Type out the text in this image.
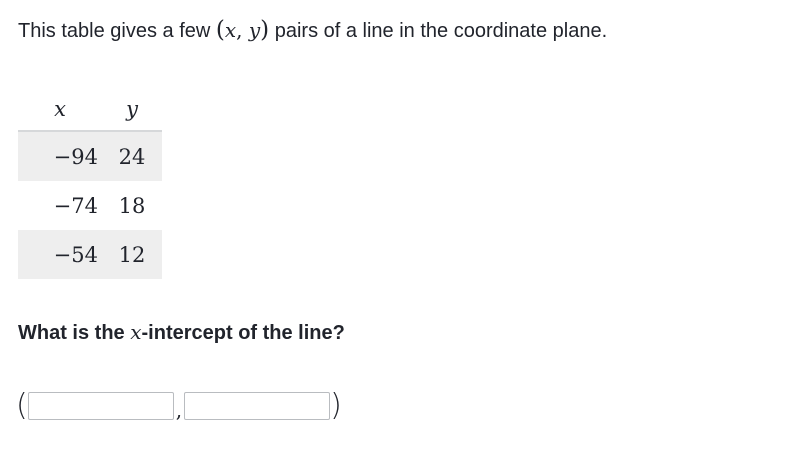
This table gives a few (x, y) pairs of a line in the coordinate plane.
x	y
−94	24
−74	18
−54	12
What is the x-intercept of the line?
(	,	)
